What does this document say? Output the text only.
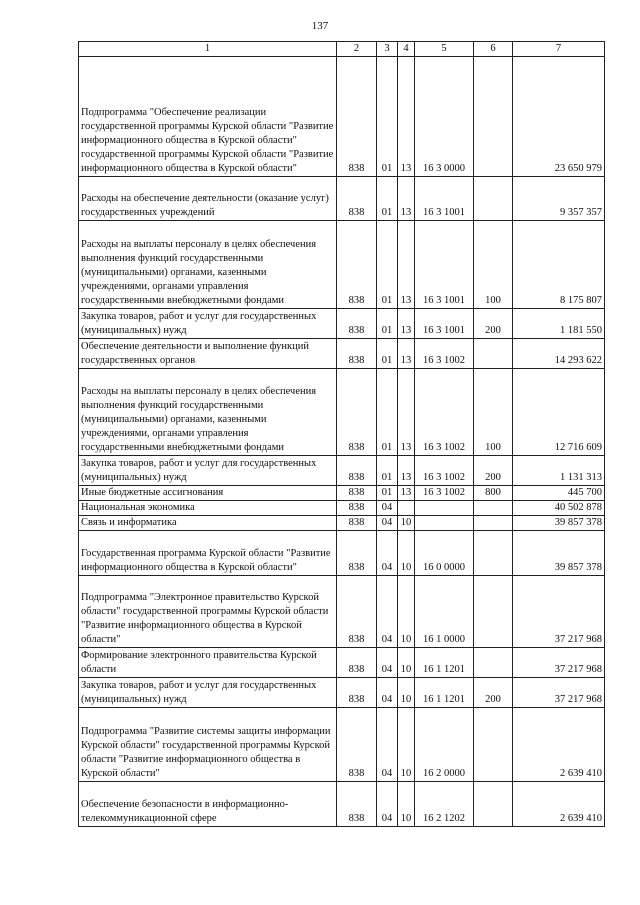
137
1	2	3	4	5	6	7
Подпрограмма "Обеспечение реализации государственной программы Курской области "Развитие информационного общества в Курской области" государственной программы Курской области "Развитие информационного общества в Курской области"	838	01	13	16 3 0000		23 650 979
Расходы на обеспечение деятельности (оказание услуг) государственных учреждений	838	01	13	16 3 1001		9 357 357
Расходы на выплаты персоналу в целях обеспечения выполнения функций государственными (муниципальными) органами, казенными учреждениями, органами управления государственными внебюджетными фондами	838	01	13	16 3 1001	100	8 175 807
Закупка товаров, работ и услуг для государственных (муниципальных) нужд	838	01	13	16 3 1001	200	1 181 550
Обеспечение деятельности и выполнение функций государственных органов	838	01	13	16 3 1002		14 293 622
Расходы на выплаты персоналу в целях обеспечения выполнения функций государственными (муниципальными) органами, казенными учреждениями, органами управления государственными внебюджетными фондами	838	01	13	16 3 1002	100	12 716 609
Закупка товаров, работ и услуг для государственных (муниципальных) нужд	838	01	13	16 3 1002	200	1 131 313
Иные бюджетные ассигнования	838	01	13	16 3 1002	800	445 700
Национальная экономика	838	04				40 502 878
Связь и информатика	838	04	10			39 857 378
Государственная программа Курской области "Развитие информационного общества в Курской области"	838	04	10	16 0 0000		39 857 378
Подпрограмма "Электронное правительство Курской области" государственной программы Курской области "Развитие информационного общества в Курской области"	838	04	10	16 1 0000		37 217 968
Формирование электронного правительства Курской области	838	04	10	16 1 1201		37 217 968
Закупка товаров, работ и услуг для государственных (муниципальных) нужд	838	04	10	16 1 1201	200	37 217 968
Подпрограмма "Развитие системы защиты информации Курской области" государственной программы Курской области "Развитие информационного общества в Курской области"	838	04	10	16 2 0000		2 639 410
Обеспечение безопасности в информационно-телекоммуникационной сфере	838	04	10	16 2 1202		2 639 410
